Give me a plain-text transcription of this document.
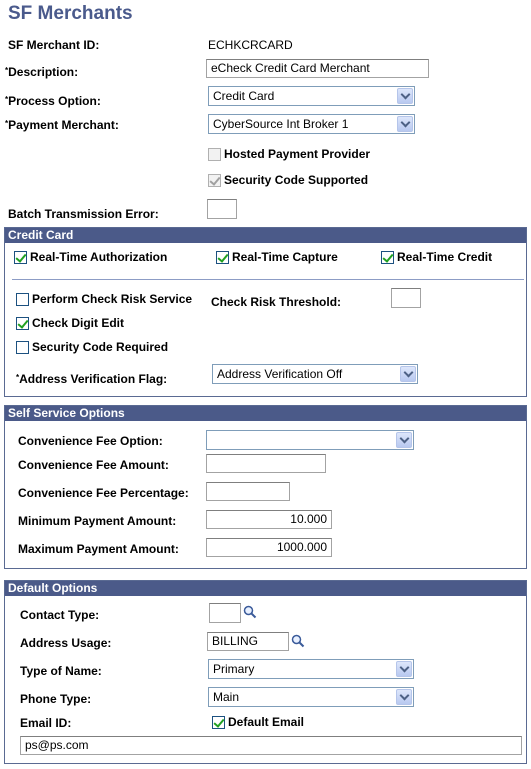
SF Merchants
SF Merchant ID:	ECHKCRCARD
*Description:	eCheck Credit Card Merchant
*Process Option:	Credit Card
*Payment Merchant:	CyberSource Int Broker 1
Hosted Payment Provider
Security Code Supported
Batch Transmission Error:
Credit Card
Real-Time Authorization	Real-Time Capture	Real-Time Credit
Perform Check Risk Service Check Risk Threshold:
Check Digit Edit
Security Code Required
*Address Verification Flag:	Address Verification Off
Self Service Options
Convenience Fee Option:
Convenience Fee Amount:
Convenience Fee Percentage:
Minimum Payment Amount:	10.000
Maximum Payment Amount:	1000.000
Default Options
Contact Type:
Address Usage:	BILLING
Type of Name:	Primary
Phone Type:	Main
Email ID:	Default Email
ps@ps.com
